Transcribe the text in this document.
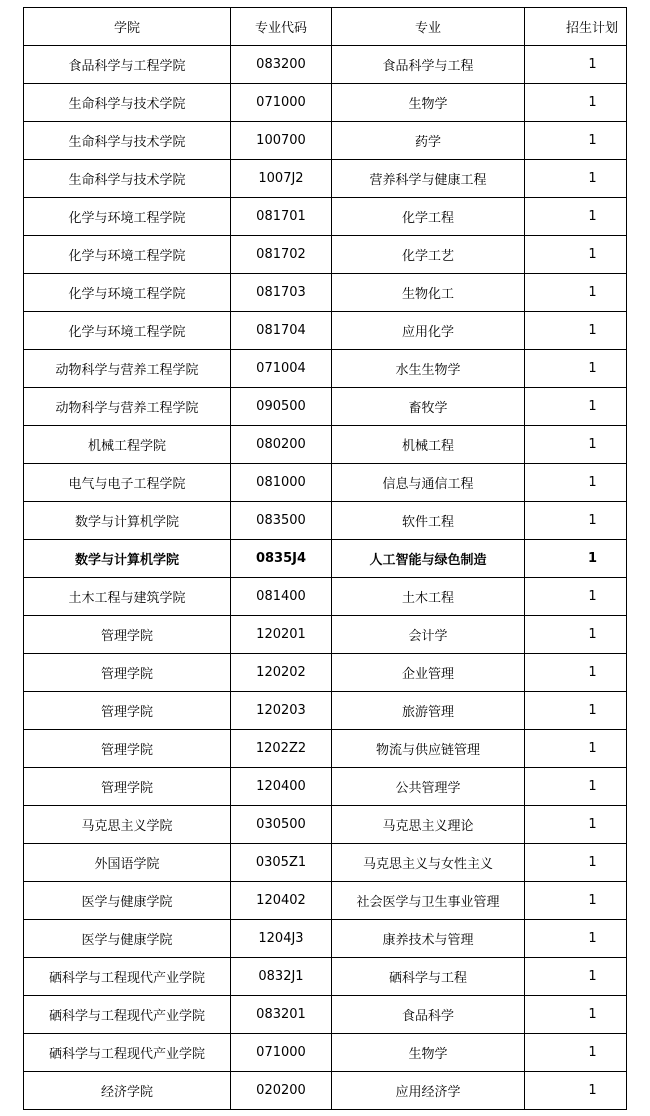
学院	专业代码	专业	招生计划
食品科学与工程学院	083200	食品科学与工程	1
生命科学与技术学院	071000	生物学	1
生命科学与技术学院	100700	药学	1
生命科学与技术学院	1007J2	营养科学与健康工程	1
化学与环境工程学院	081701	化学工程	1
化学与环境工程学院	081702	化学工艺	1
化学与环境工程学院	081703	生物化工	1
化学与环境工程学院	081704	应用化学	1
动物科学与营养工程学院	071004	水生生物学	1
动物科学与营养工程学院	090500	畜牧学	1
机械工程学院	080200	机械工程	1
电气与电子工程学院	081000	信息与通信工程	1
数学与计算机学院	083500	软件工程	1
数学与计算机学院	0835J4	人工智能与绿色制造	1
土木工程与建筑学院	081400	土木工程	1
管理学院	120201	会计学	1
管理学院	120202	企业管理	1
管理学院	120203	旅游管理	1
管理学院	1202Z2	物流与供应链管理	1
管理学院	120400	公共管理学	1
马克思主义学院	030500	马克思主义理论	1
外国语学院	0305Z1	马克思主义与女性主义	1
医学与健康学院	120402	社会医学与卫生事业管理	1
医学与健康学院	1204J3	康养技术与管理	1
硒科学与工程现代产业学院	0832J1	硒科学与工程	1
硒科学与工程现代产业学院	083201	食品科学	1
硒科学与工程现代产业学院	071000	生物学	1
经济学院	020200	应用经济学	1
